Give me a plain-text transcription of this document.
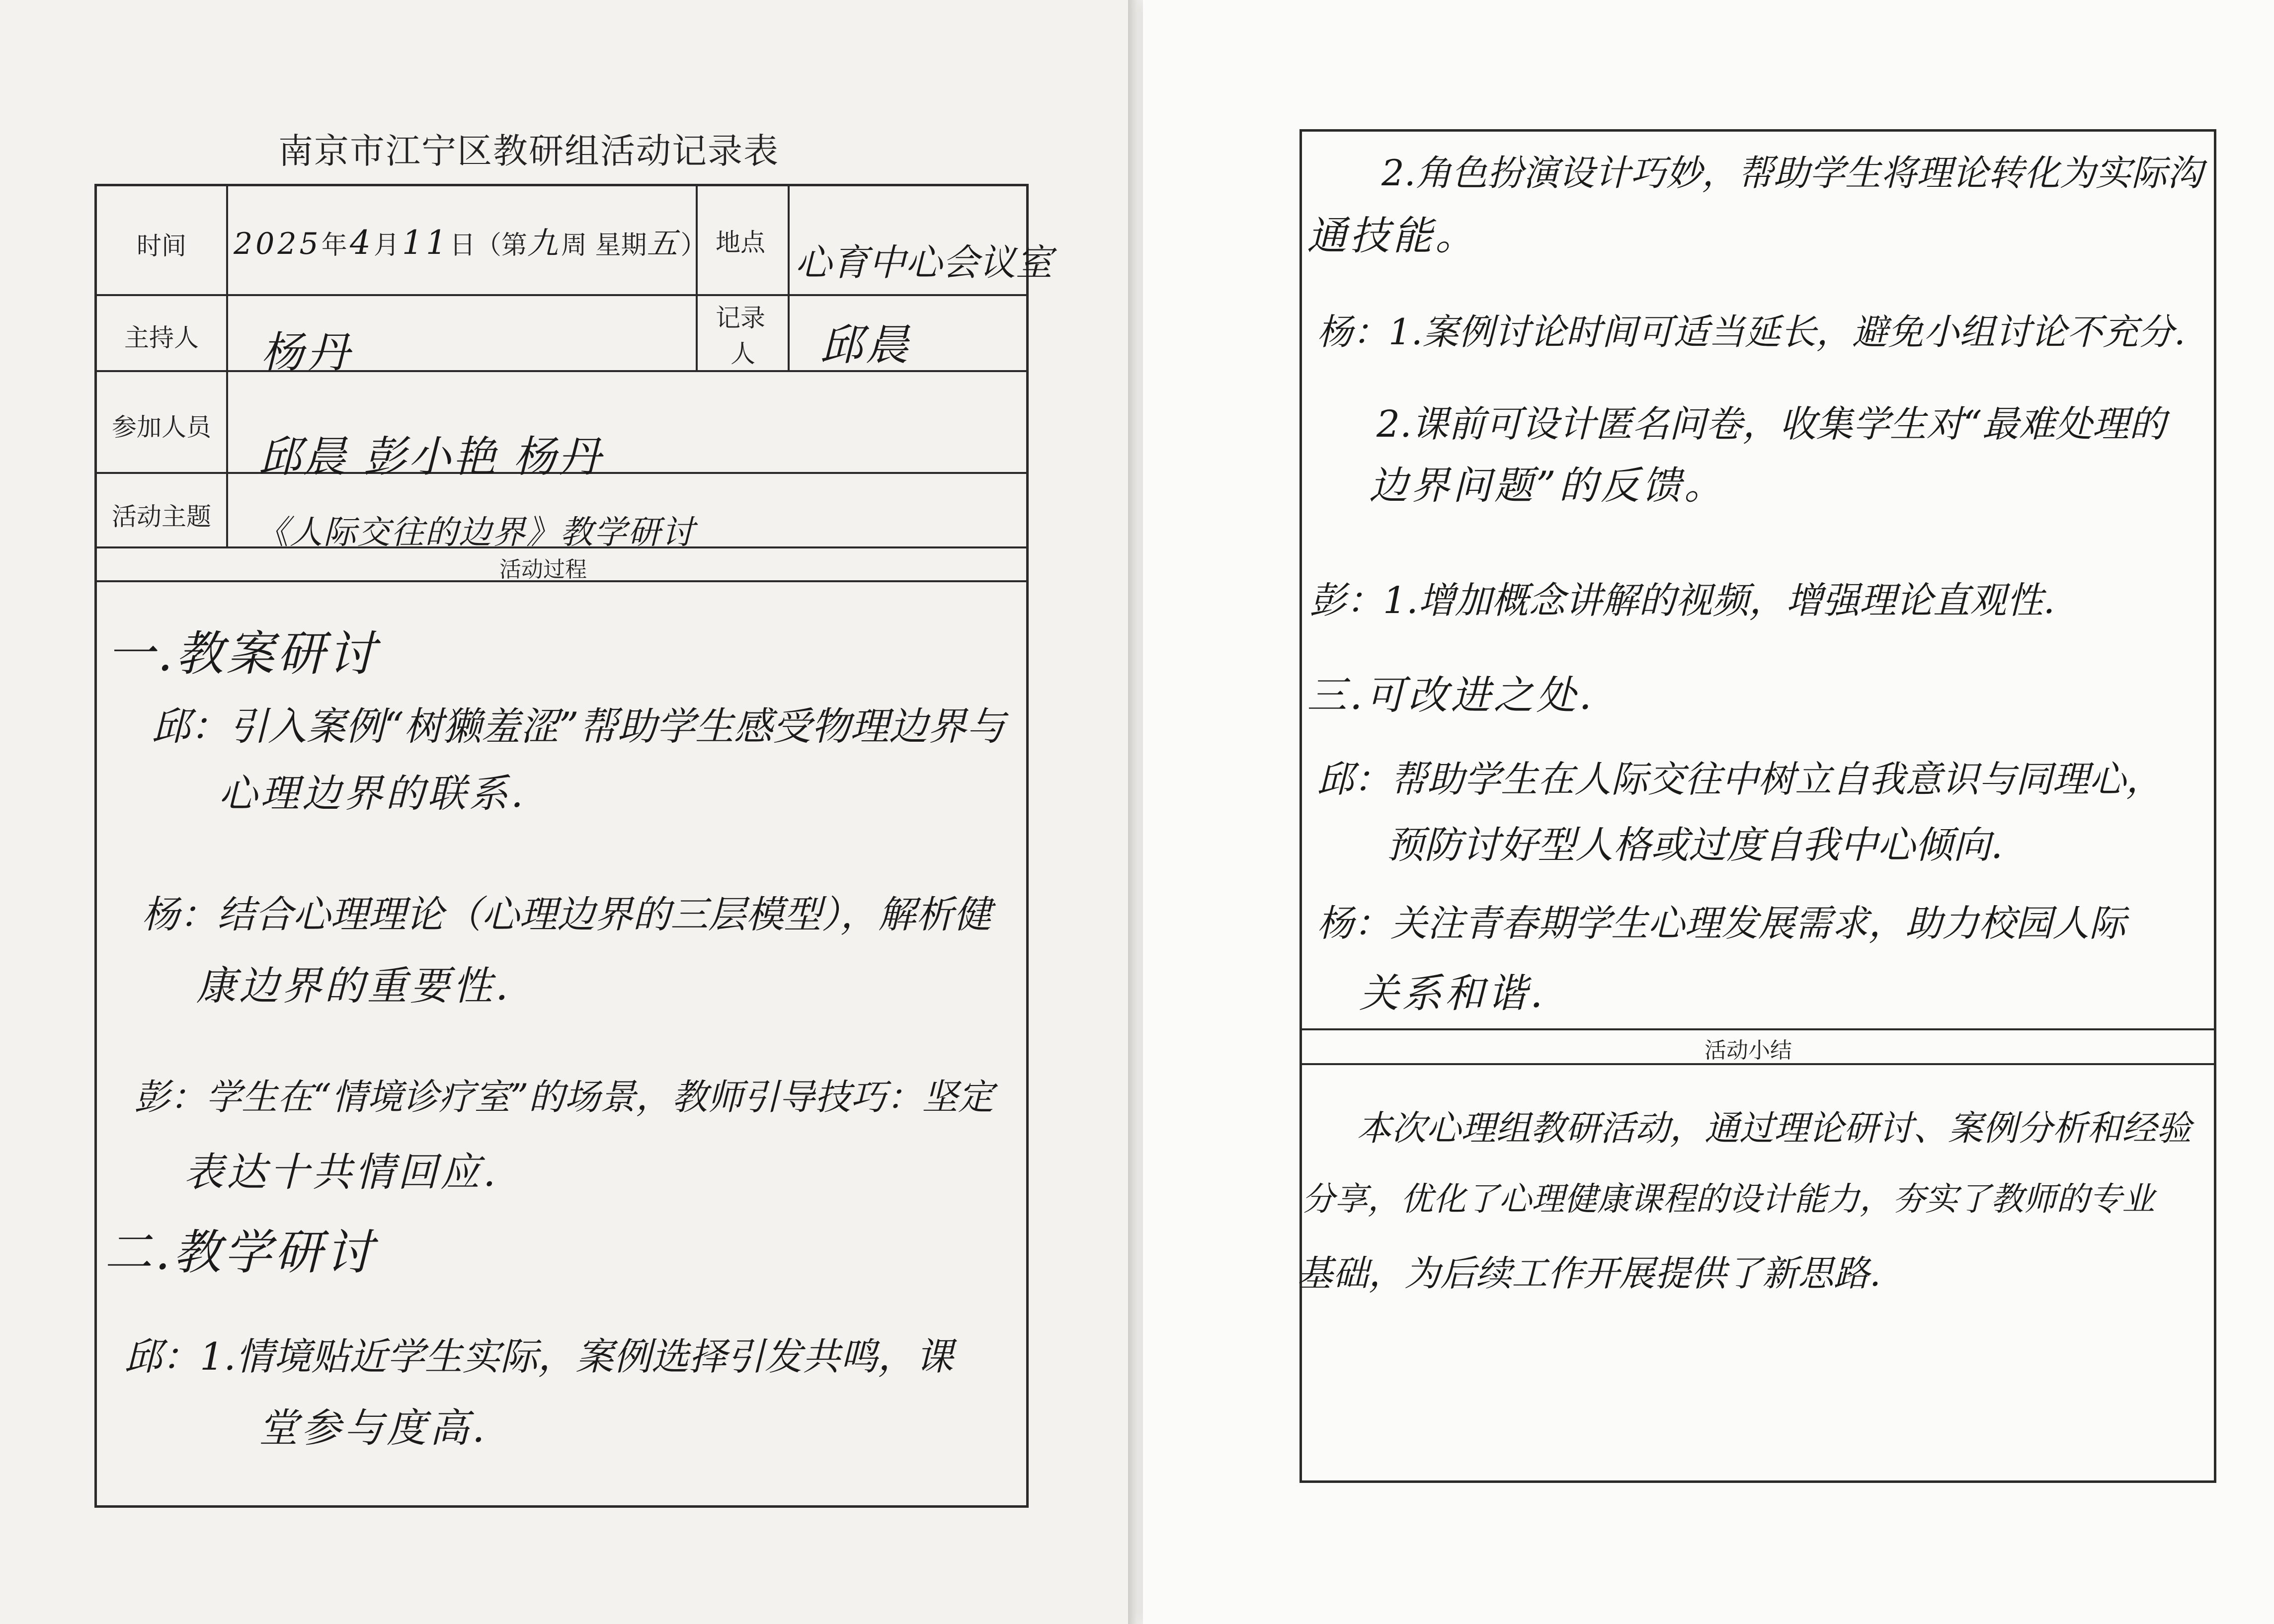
南京市江宁区教研组活动记录表
时间	地点
主持人
记录
人
参加人员
活动主题
活动过程
2025年 4月 11日（第九周 星期五） 心育中心会议室
杨丹	邱晨
邱晨 彭小艳 杨丹
《人际交往的边界》教学研讨
一.教案研讨
邱：引入案例“树獭羞涩”帮助学生感受物理边界与
心理边界的联系.
杨：结合心理理论（心理边界的三层模型），解析健
康边界的重要性.
彭：学生在“情境诊疗室”的场景，教师引导技巧：坚定
表达十共情回应.
二.教学研讨
邱：1.情境贴近学生实际，案例选择引发共鸣，课
堂参与度高.
活动小结
2.角色扮演设计巧妙，帮助学生将理论转化为实际沟
通技能。
杨：1.案例讨论时间可适当延长，避免小组讨论不充分.
2.课前可设计匿名问卷，收集学生对“最难处理的
边界问题”的反馈。
彭：1.增加概念讲解的视频，增强理论直观性.
三.可改进之处.
邱：帮助学生在人际交往中树立自我意识与同理心，
预防讨好型人格或过度自我中心倾向.
杨：关注青春期学生心理发展需求，助力校园人际
关系和谐.
本次心理组教研活动，通过理论研讨、案例分析和经验
分享，优化了心理健康课程的设计能力，夯实了教师的专业
基础，为后续工作开展提供了新思路.
